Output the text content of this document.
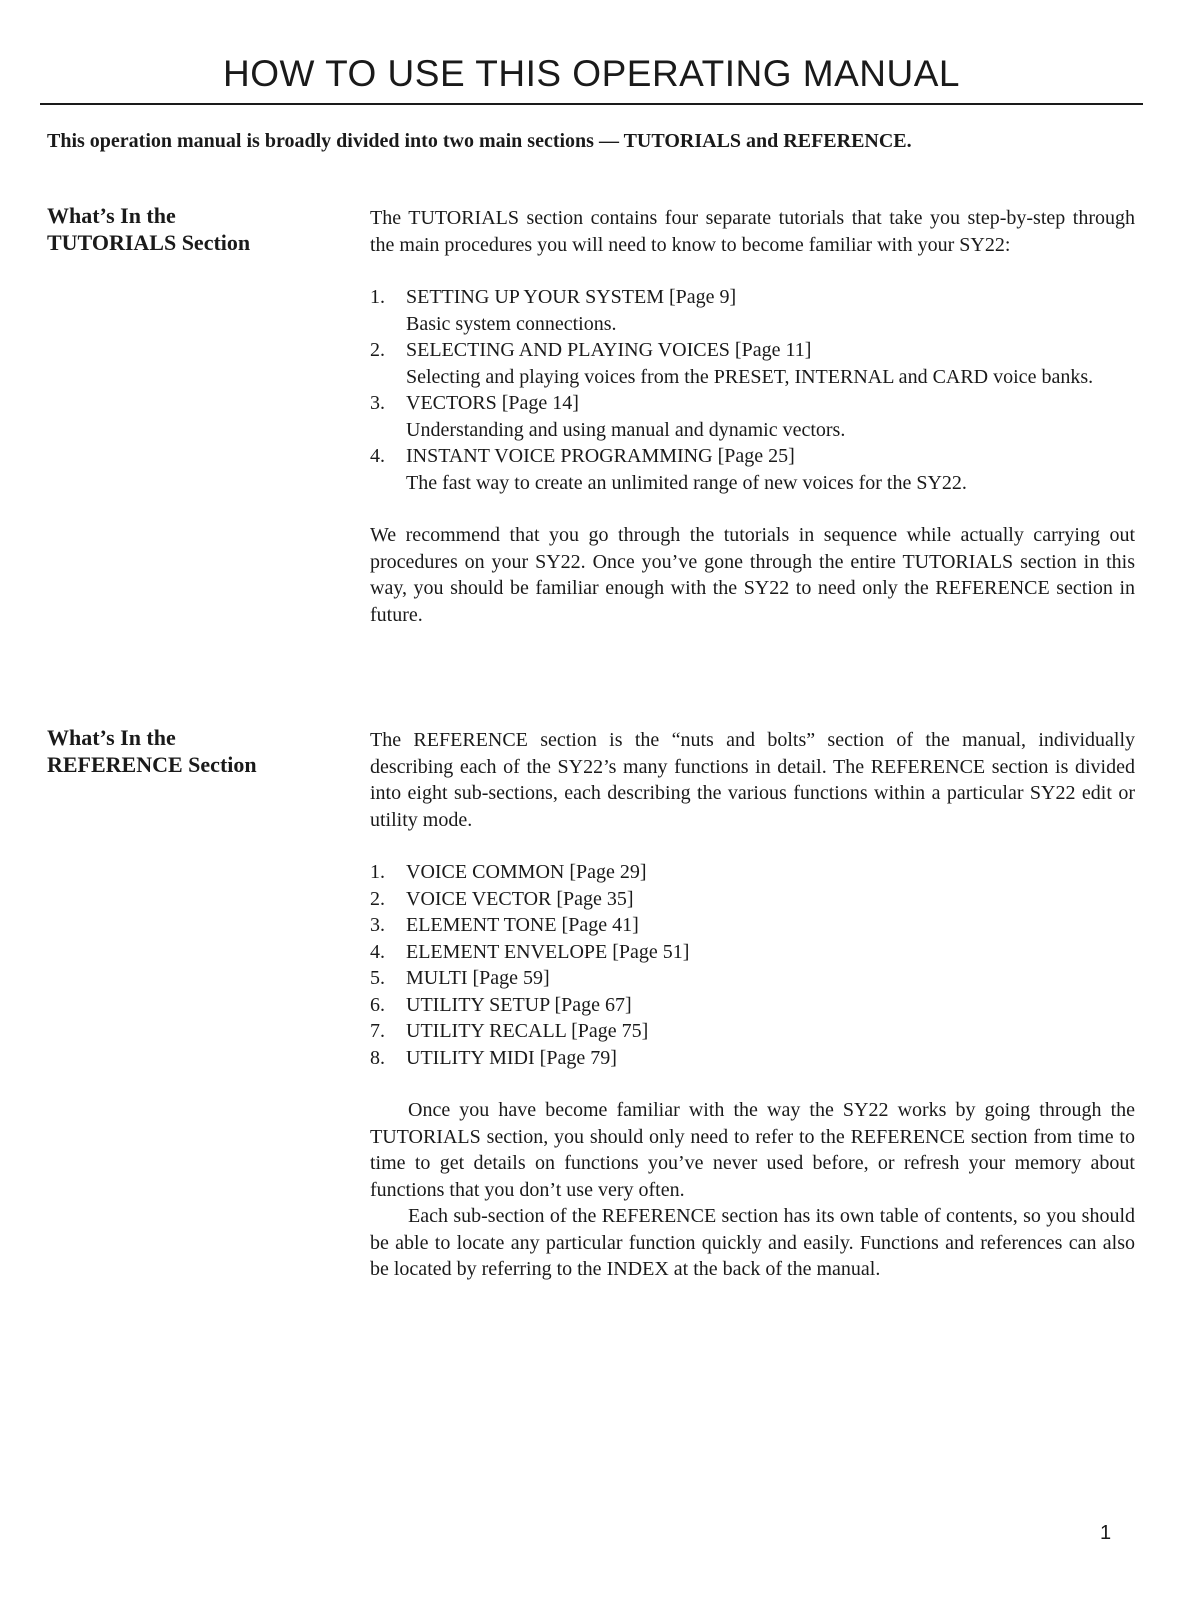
HOW TO USE THIS OPERATING MANUAL

This operation manual is broadly divided into two main sections — TUTORIALS and REFERENCE.

What’s In the
TUTORIALS Section

The TUTORIALS section contains four separate tutorials that take you step-by-step through the main procedures you will need to know to become familiar with your SY22:

1. SETTING UP YOUR SYSTEM [Page 9]
Basic system connections.
2. SELECTING AND PLAYING VOICES [Page 11]
Selecting and playing voices from the PRESET, INTERNAL and CARD voice banks.
3. VECTORS [Page 14]
Understanding and using manual and dynamic vectors.
4. INSTANT VOICE PROGRAMMING [Page 25]
The fast way to create an unlimited range of new voices for the SY22.

We recommend that you go through the tutorials in sequence while actually carrying out procedures on your SY22. Once you’ve gone through the entire TUTORIALS section in this way, you should be familiar enough with the SY22 to need only the REFERENCE section in future.

What’s In the
REFERENCE Section

The REFERENCE section is the “nuts and bolts” section of the manual, individually describing each of the SY22’s many functions in detail. The REFERENCE section is divided into eight sub-sections, each describing the various functions within a particular SY22 edit or utility mode.

1. VOICE COMMON [Page 29]
2. VOICE VECTOR [Page 35]
3. ELEMENT TONE [Page 41]
4. ELEMENT ENVELOPE [Page 51]
5. MULTI [Page 59]
6. UTILITY SETUP [Page 67]
7. UTILITY RECALL [Page 75]
8. UTILITY MIDI [Page 79]

Once you have become familiar with the way the SY22 works by going through the TUTORIALS section, you should only need to refer to the REFERENCE section from time to time to get details on functions you’ve never used before, or refresh your memory about functions that you don’t use very often.

Each sub-section of the REFERENCE section has its own table of contents, so you should be able to locate any particular function quickly and easily. Functions and references can also be located by referring to the INDEX at the back of the manual.

1
